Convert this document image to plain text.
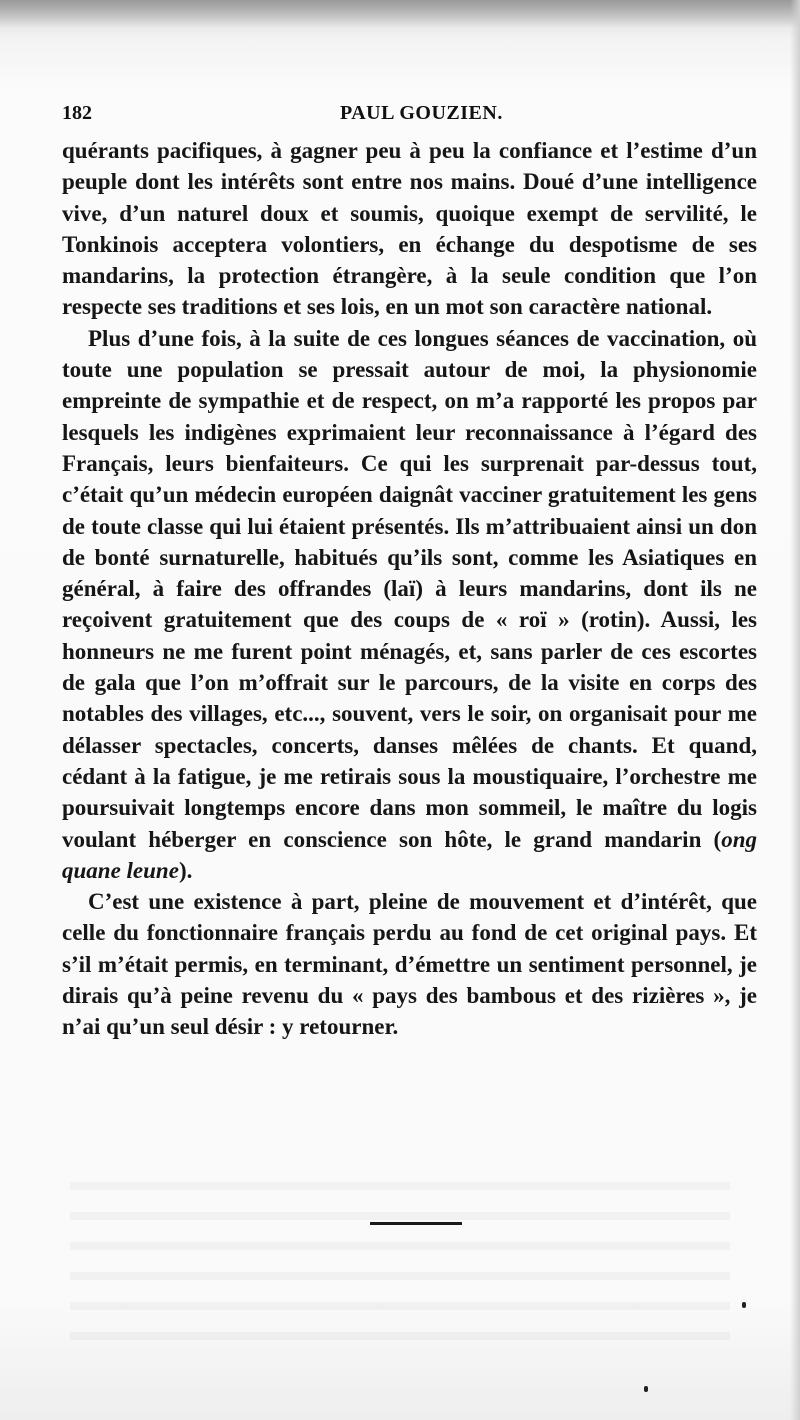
182	PAUL GOUZIEN.

quérants pacifiques, à gagner peu à peu la confiance et l’estime d’un peuple dont les intérêts sont entre nos mains. Doué d’une intelligence vive, d’un naturel doux et soumis, quoique exempt de servilité, le Tonkinois acceptera volontiers, en échange du despotisme de ses mandarins, la protection étrangère, à la seule condition que l’on respecte ses traditions et ses lois, en un mot son caractère national.

Plus d’une fois, à la suite de ces longues séances de vaccination, où toute une population se pressait autour de moi, la physionomie empreinte de sympathie et de respect, on m’a rapporté les propos par lesquels les indigènes exprimaient leur reconnaissance à l’égard des Français, leurs bienfaiteurs. Ce qui les surprenait par-dessus tout, c’était qu’un médecin européen daignât vacciner gratuitement les gens de toute classe qui lui étaient présentés. Ils m’attribuaient ainsi un don de bonté surnaturelle, habitués qu’ils sont, comme les Asiatiques en général, à faire des offrandes (laï) à leurs mandarins, dont ils ne reçoivent gratuitement que des coups de « roï » (rotin). Aussi, les honneurs ne me furent point ménagés, et, sans parler de ces escortes de gala que l’on m’offrait sur le parcours, de la visite en corps des notables des villages, etc..., souvent, vers le soir, on organisait pour me délasser spectacles, concerts, danses mêlées de chants. Et quand, cédant à la fatigue, je me retirais sous la moustiquaire, l’orchestre me poursuivait longtemps encore dans mon sommeil, le maître du logis voulant héberger en conscience son hôte, le grand mandarin (ong quane leune).

C’est une existence à part, pleine de mouvement et d’intérêt, que celle du fonctionnaire français perdu au fond de cet original pays. Et s’il m’était permis, en terminant, d’émettre un sentiment personnel, je dirais qu’à peine revenu du « pays des bambous et des rizières », je n’ai qu’un seul désir : y retourner.
